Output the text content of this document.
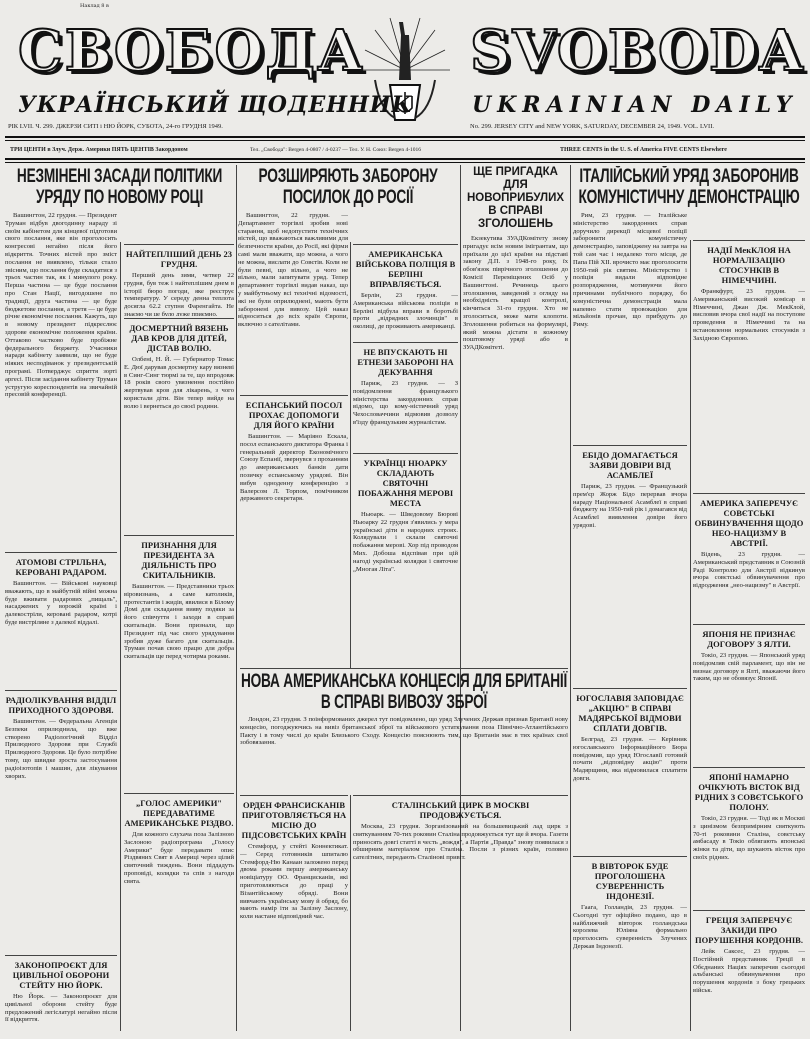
Наклад 8 в
СВОБОДА SVOBODA
УКРАЇНСЬКИЙ ЩОДЕННИК	UKRAINIAN DAILY
РІК LVII. Ч. 299. ДЖЕРЗИ СИТІ і НЮ ЙОРК, СУБОТА, 24-го ГРУДНЯ 1949.	No. 299. JERSEY CITY and NEW YORK, SATURDAY, DECEMBER 24, 1949. VOL. LVII.
ТРИ ЦЕНТИ в Злуч. Держ. Америки ПЯТЬ ЦЕНТІВ Закордоном	Тел. „Свобода": Bergen 4-0807 / 4-0237 — Тел. У. Н. Союз: Bergen 4-1016	THREE CENTS in the U. S. of America FIVE CENTS Elsewhere
НЕЗМІНЕНІ ЗАСАДИ ПОЛІТИКИ УРЯДУ ПО НОВОМУ РОЦІ

Вашингтон, 22 грудня. — Президент Труман відбув двогодинну нараду зі своїм кабінетом для кінцевої підготови свого послання, яке він проголосить конгресові негайно після його відкриття. Точних вістей про зміст послання не виявлено, тільки стало звісним, що послання буде складатися з трьох частин так, як і минулого року. Перша частина — це буде послання про Стан Нації, вигодошене по традиції, друга частина — це буде бюджетове послання, а третя — це буде річне економічне послання. Кажуть, що в новому президент підкреслює здорове економічне положення країни. Оттаково частково буде пробіжне федерального бюджету. Учасники наради кабінету заявили, що не буде ніяких несподіванок у президентській програмі. Потверджує сприття зорті аргесі. Після засідання кабінету Труман устругую кореспондентів на звичайній пресовій конференції.

НАЙТЕПЛІШИЙ ДЕНЬ 23 ГРУДНЯ.

Перший день зими, четвер 22 грудня, був теж і найтеплішим днем в історії бюро погоди, яке реєструє температуру. У середу денна теплота досягла 62.2 ступня Фаренгайта. Не знаємо чи це було дуже приємно.

ДОСМЕРТНИЙ ВЯЗЕНЬ ДАВ КРОВ ДЛЯ ДІТЕЙ, ДІСТАВ ВОЛЮ.

Олбені, Н. Й. — Губернатор Томас Е. Дюї дарував досмертну кару вязневі в Синг-Синг тюрмі за те, що впродовж 18 років свого увязнення постійно жертвував кров для лікарень, з чого користали діти. Він тепер вийде на волю і вернеться до своєї родини.

АТОМОВІ СТРІЛЬНА, КЕРОВАНІ РАДАРОМ.

Вашингтон. — Військові науковці вважають, що в майбутній війні можна буде вживати радарових „пищаль", насаджених у ворожій країні і далекостріли, керовані радаром, котрі буде вистріляне з далекої віддалі.

РАДІОЛІКУВАННЯ ВІДДІЛ ПРИХОДНОГО ЗДОРОВЯ.

Вашингтон. — Федеральна Агенція Безпеки оприлюднила, що вже створено Радіологічний Відділ Прилюдного Здоровя при Службі Прилюдного Здоровя. Це було потрібне тому, що швидке зроста застосування радіоізотопів і машин, для лікування хворих.

ЗАКОНОПРОЄКТ ДЛЯ ЦИВІЛЬНОЇ ОБОРОНИ СТЕЙТУ НЮ ЙОРК.

Ню Йорк. — Законопроєкт для цивільної оборони стейту буде предложений легіслатурі негайно після її відкриття.

ПРИЗНАННЯ ДЛЯ ПРЕЗИДЕНТА ЗА ДІЯЛЬНІСТЬ ПРО СКИТАЛЬНИКІВ.

Вашингтон. — Представники трьох віровизнань, а саме католиків, протестантів і жидів, явилися в Білому Домі для складання вияву подяки за його співчуття і заходи в справі скитальців. Вони признали, що Президент під час свого урядування зробив дуже багато для скитальців. Труман почав свою працю для добра скитальців ще перед чотирма роками.

„ГОЛОС АМЕРИКИ" ПЕРЕДАВАТИМЕ АМЕРИКАНСЬКЕ РІЗДВО.

Для кожного слухача поза Залізною Заслоною радіопрограма „Голосу Америки" буде передавати опис Різдвяних Свят в Америці через цілий святочний тиждень. Вони піддадуть проповіді, колядки та спів з нагоди свята.

РОЗШИРЯЮТЬ ЗАБОРОНУ ПОСИЛОК ДО РОСІЇ

Вашингтон, 22 грудня. — Департамент торгівлі зробив нові старання, щоб недопустити технічних вістей, що вважаються важливими для безпечности країни, до Росії, які фірми самі мали вважати, що можна, а чого не можна, вислати до Совєтів. Коли не були певні, що вільно, а чого не вільно, мали запитувати уряд. Тепер департамент торгівлі видав наказ, що у майбутньому всі технічні відомості, які не були оприлюднені, мають бути заборонені для вивозу. Цей наказ відноситься до всіх країн Європи, включно з сателітами.

АМЕРИКАНСЬКА ВІЙСЬКОВА ПОЛІЦІЯ В БЕРЛІНІ ВПРАВЛЯЄТЬСЯ.

Берлін, 23 грудня. — Американська військова поліція в Берліні відбула вправи в боротьбі проти „відрядних злочинців" в околиці, де проживають американці.

НЕ ВПУСКАЮТЬ НІ ЕТНЕЗИ ЗАБОРОНІ НА ДЕКУВАННЯ

Париж, 23 грудня. — З повідомлення французького міністерства закордонних справ відомо, що кому-ністичний уряд Чехословаччини відмовив дозволу в'їзду французьким журналістам.

ЕСПАНСЬКИЙ ПОСОЛ ПРОХАЄ ДОПОМОГИ ДЛЯ ЙОГО КРАЇНИ

Вашингтон. — Маріяно Ескала, посол еспанського диктатора Франка і генеральний директор Економічного Союзу Еспанії, звернувся з проханням до американських банків дати позичку еспанському урядові. Він вибув одноденну конференцію з Валерсом Л. Торпом, помічником державного секретаря.

УКРАЇНЦІ НЮАРКУ СКЛАДАЮТЬ СВЯТОЧНІ ПОБАЖАННЯ МЕРОВІ МЕСТА

Ньюарк. — Шведовому Бюрові Ньюарку 22 грудня з'явились у мера українські діти в народних строях. Колядували і склали святочні побажання мерові. Хор під проводом Мих. Добоша відспівав при цій нагоді українські колядки і святочне „Многая Літа".

НОВА АМЕРИКАНСЬКА КОНЦЕСІЯ ДЛЯ БРИТАНІЇ В СПРАВІ ВИВОЗУ ЗБРОЇ

Лондон, 23 грудня. З поінформованих джерел тут повідомлено, що уряд Злучених Держав признав Британії нову концесію, погоджуючись на вивіз британської зброї та військового устаткування поза Північно-Атлантійського Пакту і в тому числі до країн Близького Сходу. Концесію пояснюють тим, що Британія має в тих країнах свої зобовязання.

ОРДЕН ФРАНСИСКАНІВ ПРИГОТОВЛЯЄТЬСЯ НА МІСІЮ ДО ПІДСОВЄТСЬКИХ КРАЇН

Стемфорд, у стейті Коннектикат. — Серед готовників шпиталю Стемфорд-Ню Канаан заложено перед двома роками першу американську новіціатуру ОО. Францисканів, які приготовляються до праці у Візантійському обряді. Вони вивчають українську мову й обряд, бо мають намір іти за Залізну Заслону, коли настане відповідний час.

СТАЛІНСЬКИЙ ЦИРК В МОСКВІ ПРОДОВЖУЄТЬСЯ.

Москва, 23 грудня. Зорганізований на большевицький лад цирк з святкуванням 70-тих роковин Сталіна продовжується тут ще й вчора. Газети приносять довгі статті в честь „вождя", а Партія „Правда" знову появилася з обширним матеріалом про Сталіна. Посли з різних країн, головно сателітних, передають Сталінові привіт.

ЩЕ ПРИГАДКА ДЛЯ НОВОПРИБУЛИХ В СПРАВІ ЗГОЛОШЕНЬ

Екзекутива ЗУАДКомітету знову пригадує всім новим імігрантам, що приїхали до цієї країни на підставі закону Д.П. з 1948-го року, їх обов'язок піврічного зголошення до Комісії Переміщених Осіб у Вашингтоні. Речинець цього зголошення, заведений з огляду на необхідність кращої контролі, кінчиться 31-го грудня. Хто не зголоситься, може мати клопоти. Зголошення робиться на формулярі, який можна дістати в кожному поштовому уряді або в ЗУАДКомітеті.

ІТАЛІЙСЬКИЙ УРЯД ЗАБОРОНИВ КОМУНІСТИЧНУ ДЕМОНСТРАЦІЮ

Рим, 23 грудня. — Італійське міністерство закордонних справ доручило дирекції місцевої поліції заборонити комуністичну демонстрацію, заповіджену на завтра на той сам час і недалеко того місця, де Папа Пій XII. врочисто має проголосити 1950-тий рік святим. Міністерство і поліція видали відповідне розпорядження, мотивуючи його причинами публічного порядку, бо комуністична демонстрація мала напевно стати провокацією для мільйонів прочан, що прибудуть до Риму.

НАДІЇ МекКЛОЯ НА НОРМАЛІЗАЦІЮ СТОСУНКІВ В НІМЕЧЧИНІ.

Франкфурт, 23 грудня. — Американський високий комісар в Німеччині, Джан Дж. МекКлой, висловив вчора свої надії на поступове проведення в Німеччині та на встановлення нормальних стосунків з Західною Європою.

ЕБІДО ДОМАГАЄТЬСЯ ЗАЯВИ ДОВІРИ ВІД АСАМБЛЕЇ

Париж, 23 грудня. — Французький прем'єр Жорж Бідо перервав вчора нараду Національної Асамблеї в справі бюджету на 1950-тий рік і домагався від Асамблеї виявлення довіри його урядові.

АМЕРИКА ЗАПЕРЕЧУЄ СОВЄТСЬКІ ОБВИНУВАЧЕННЯ ЩОДО НЕО-НАЦИЗМУ В АВСТРІЇ.

Відень, 23 грудня. — Американський представник в Союзній Раді Контролю для Австрії відкинув вчора совєтські обвинувачення про відродження „нео-нацизму" в Австрії.

ЯПОНІЯ НЕ ПРИЗНАЄ ДОГОВОРУ З ЯЛТИ.

Токіо, 23 грудня. — Японський уряд повідомляв свій парламент, що він не визнає договору в Ялті, вважаючи його таким, що не обовязує Японії.

ЮГОСЛАВІЯ ЗАПОВІДАЄ „АКЦІЮ" В СПРАВІ МАДЯРСЬКОЇ ВІДМОВИ СПЛАТИ ДОВГІВ.

Белград, 23 грудня. — Керівник югославського Інформаційного Бюра повідомив, що уряд Югославії готовий почати „відповідну акцію" проти Мадярщини, яка відмовилася сплатити довги.	ЯПОНІЇ НАМАРНО ОЧІКУЮТЬ ВІСТОК ВІД РІДНИХ З СОВЄТСЬКОГО ПОЛОНУ.

Токіо, 23 грудня. — Тоді як в Москві з цинізмом безпримірним святкують 70-ті роковини Сталіна, совєтську амбасаду в Токіо облягають японські жінки та діти, що шукають вісток про своїх рідних.

В ВІВТОРОК БУДЕ ПРОГОЛОШЕНА СУВЕРЕННІСТЬ ІНДОНЕЗІЇ.

Гаага, Голландія, 23 грудня. — Сьогодні тут офіційно подано, що в найближчий вівторок голландська королева Юліяна формально проголосить суверенність Злучених Держав Індонезії.

ГРЕЦІЯ ЗАПЕРЕЧУЄ ЗАКИДИ ПРО ПОРУШЕННЯ КОРДОНІВ.

Лейк Саксес, 23 грудня. — Постійний представник Греції в Обєднаних Націях заперечив сьогодні альбанські обвинувачення про порушення кордонів з боку грецьких військ.
